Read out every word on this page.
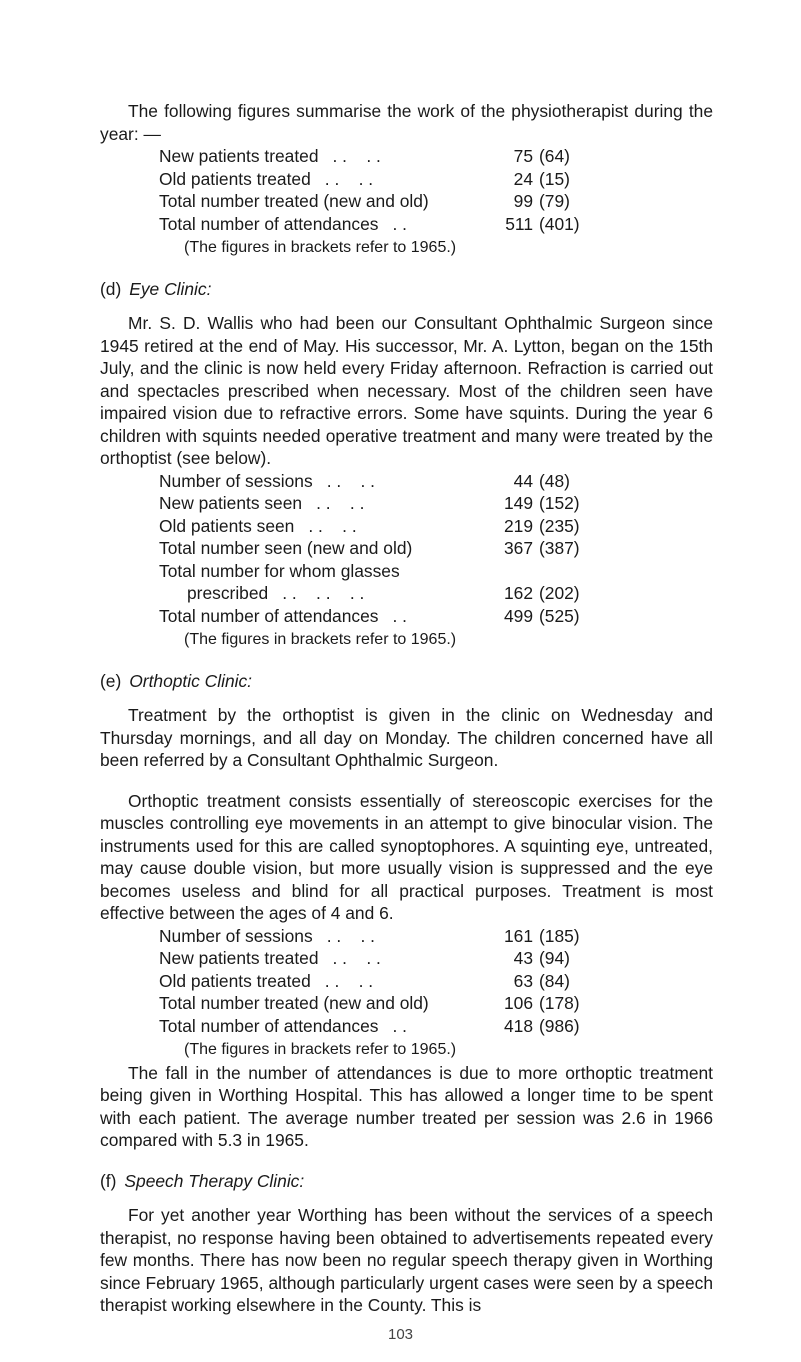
The following figures summarise the work of the physiotherapist during the year: —

New patients treated . .    . .	75	(64)
Old patients treated . .    . .	24	(15)
Total number treated (new and old)	99	(79)
Total number of attendances . .	511	(401)
(The figures in brackets refer to 1965.)
(d) Eye Clinic:

Mr. S. D. Wallis who had been our Consultant Ophthalmic Surgeon since 1945 retired at the end of May. His successor, Mr. A. Lytton, began on the 15th July, and the clinic is now held every Friday afternoon. Refraction is carried out and spectacles prescribed when necessary. Most of the children seen have impaired vision due to refractive errors. Some have squints. During the year 6 children with squints needed operative treatment and many were treated by the orthoptist (see below).

Number of sessions . .    . .	44	(48)
New patients seen . .    . .	149	(152)
Old patients seen . .    . .	219	(235)
Total number seen (new and old)	367	(387)
Total number for whom glasses		
prescribed . .    . .    . .	162	(202)
Total number of attendances . .	499	(525)
(The figures in brackets refer to 1965.)
(e) Orthoptic Clinic:

Treatment by the orthoptist is given in the clinic on Wednesday and Thursday mornings, and all day on Monday. The children concerned have all been referred by a Consultant Ophthalmic Surgeon.

Orthoptic treatment consists essentially of stereoscopic exercises for the muscles controlling eye movements in an attempt to give binocular vision. The instruments used for this are called synoptophores. A squinting eye, untreated, may cause double vision, but more usually vision is suppressed and the eye becomes useless and blind for all practical purposes. Treatment is most effective between the ages of 4 and 6.

Number of sessions . .    . .	161	(185)
New patients treated . .    . .	43	(94)
Old patients treated . .    . .	63	(84)
Total number treated (new and old)	106	(178)
Total number of attendances . .	418	(986)
(The figures in brackets refer to 1965.)

The fall in the number of attendances is due to more orthoptic treatment being given in Worthing Hospital. This has allowed a longer time to be spent with each patient. The average number treated per session was 2.6 in 1966 compared with 5.3 in 1965.

(f) Speech Therapy Clinic:

For yet another year Worthing has been without the services of a speech therapist, no response having been obtained to advertisements repeated every few months. There has now been no regular speech therapy given in Worthing since February 1965, although particularly urgent cases were seen by a speech therapist working elsewhere in the County. This is

103
